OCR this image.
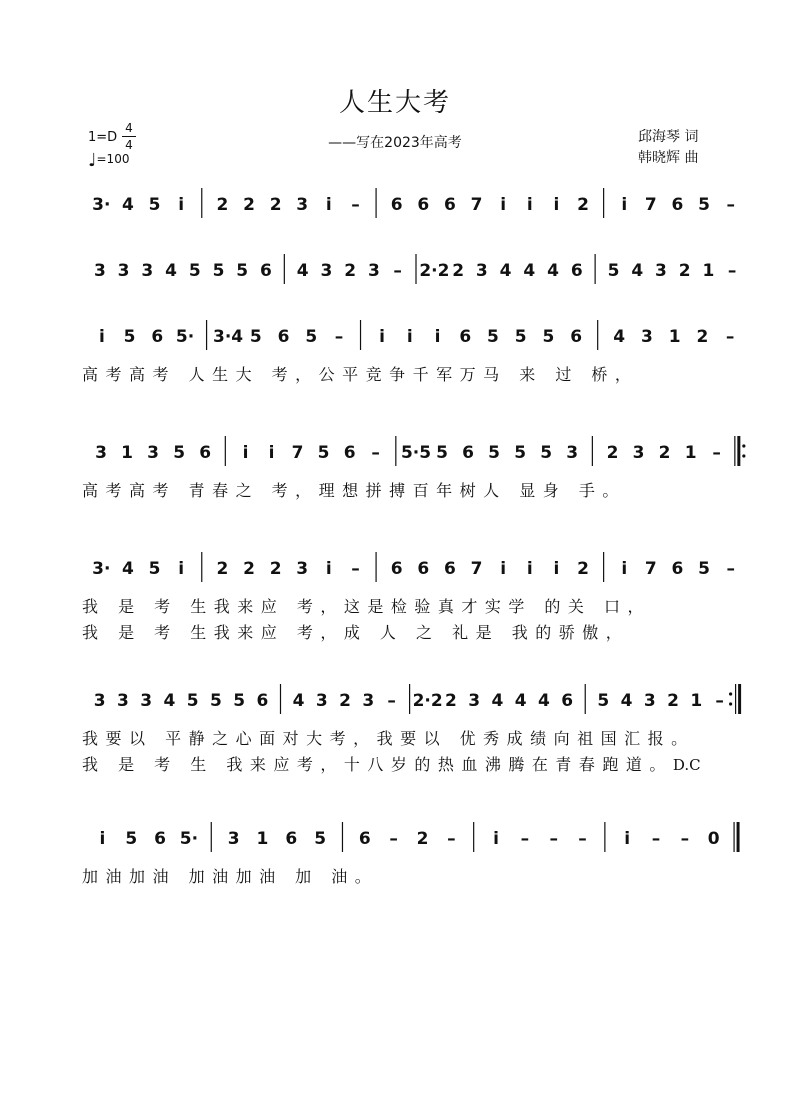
人生大考
——写在2023年高考
1=D
4
4
♩=100
邱海琴 词
韩晓辉 曲
3· 4 5 i 2 2 2 3 i – 6 6 6 7 i i i 2 i 7 6 5 –
3 3 3 4 5 5 5 6 4 3 2 3 – 2·2 2 3 4 4 4 6 5 4 3 2 1 –
i 5 6 5· 3·4 5 6 5 – i i i 6 5 5 5 6 4 3 1 2 –
3 1 3 5 6 i i 7 5 6 – 5·5 5 6 5 5 5 3 2 3 2 1 –
3· 4 5 i 2 2 2 3 i – 6 6 6 7 i i i 2 i 7 6 5 –
3 3 3 4 5 5 5 6 4 3 2 3 – 2·2 2 3 4 4 4 6 5 4 3 2 1 –
i 5 6 5· 3 1 6 5 6 – 2 – i – – – i – – 0
高考高考 人生大 考，公平竞争千军万马 来 过 桥，
高考高考 青春之 考，理想拼搏百年树人 显身 手。
我 是 考 生我来应 考，这是检验真才实学 的关 口，
我 是 考 生我来应 考，成 人 之 礼是 我的骄傲，
我要以 平静之心面对大考，我要以 优秀成绩向祖国汇报。
我 是 考 生 我来应考，十八岁的热血沸腾在青春跑道。D.C
加油加油 加油加油 加 油。
